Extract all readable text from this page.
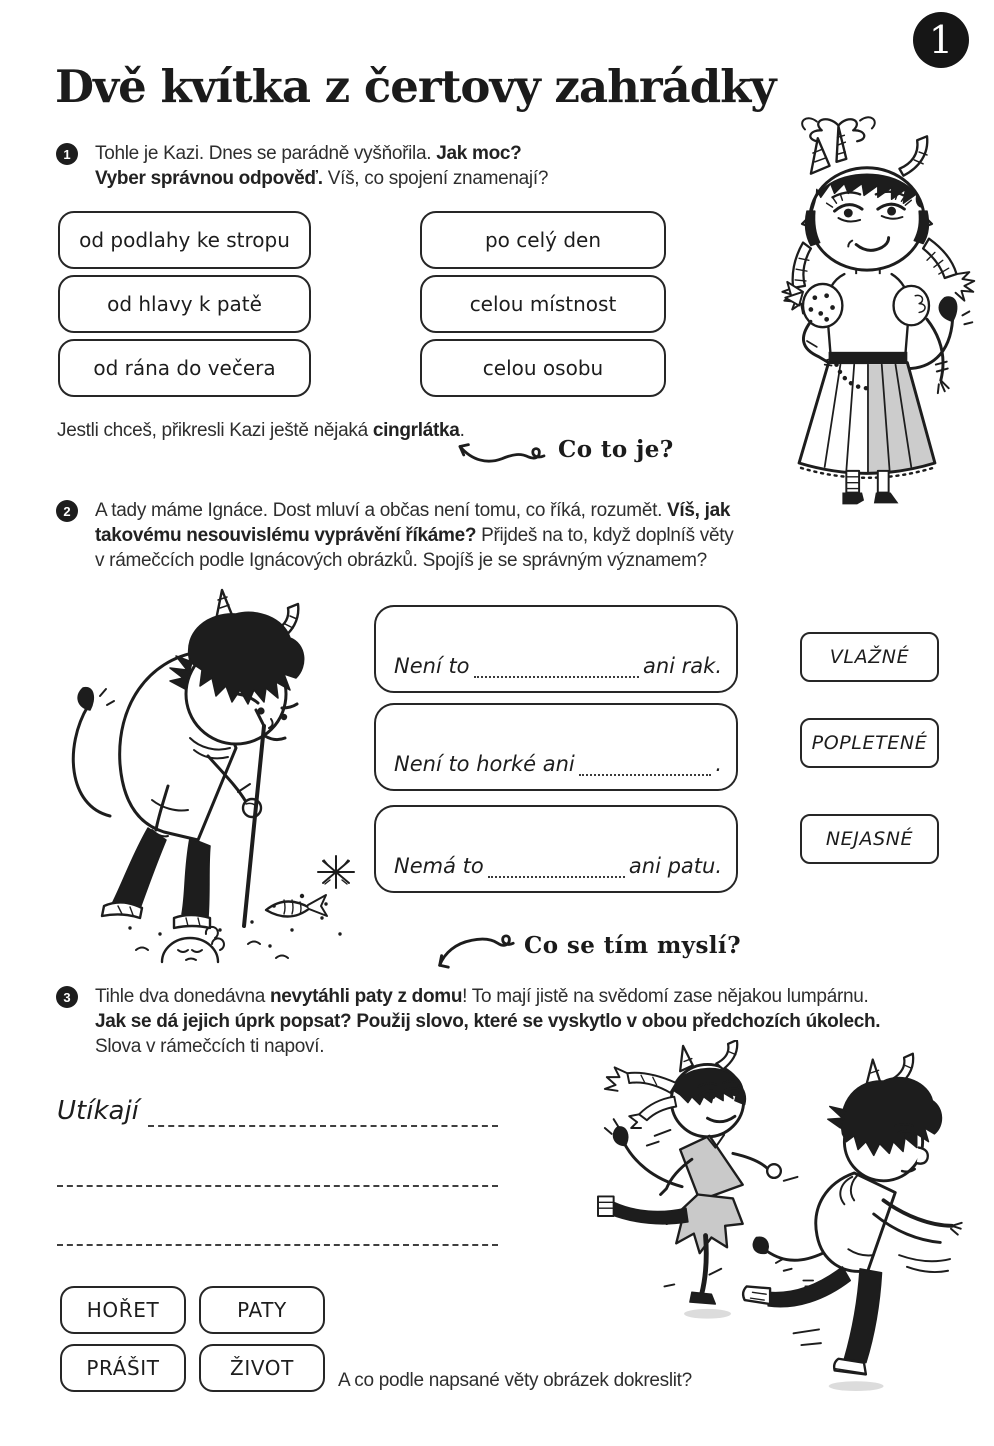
1
Dvě kvítka z čertovy zahrádky
1 Tohle je Kazi. Dnes se parádně vyšňořila. Jak moc?
Vyber správnou odpověď. Víš, co spojení znamenají?
od podlahy ke stropu
od hlavy k patě
od rána do večera
po celý den
celou místnost
celou osobu
Jestli chceš, přikresli Kazi ještě nějaká cingrlátka.
Co to je?
2 A tady máme Ignáce. Dost mluví a občas není tomu, co říká, rozumět. Víš, jak
takovému nesouvislému vyprávění říkáme? Přijdeš na to, když doplníš věty
v rámečcích podle Ignácových obrázků. Spojíš je se správným významem?
Není to	ani rak.
Není to horké ani	.
Nemá to	ani patu.
VLAŽNÉ
POPLETENÉ
NEJASNÉ
Co se tím myslí?
3 Tihle dva donedávna nevytáhli paty z domu! To mají jistě na svědomí zase nějakou lumpárnu.
Jak se dá jejich úprk popsat? Použij slovo, které se vyskytlo v obou předchozích úkolech.
Slova v rámečcích ti napoví.
Utíkají
HOŘET	PATY
PRÁŠIT	ŽIVOT
A co podle napsané věty obrázek dokreslit?
